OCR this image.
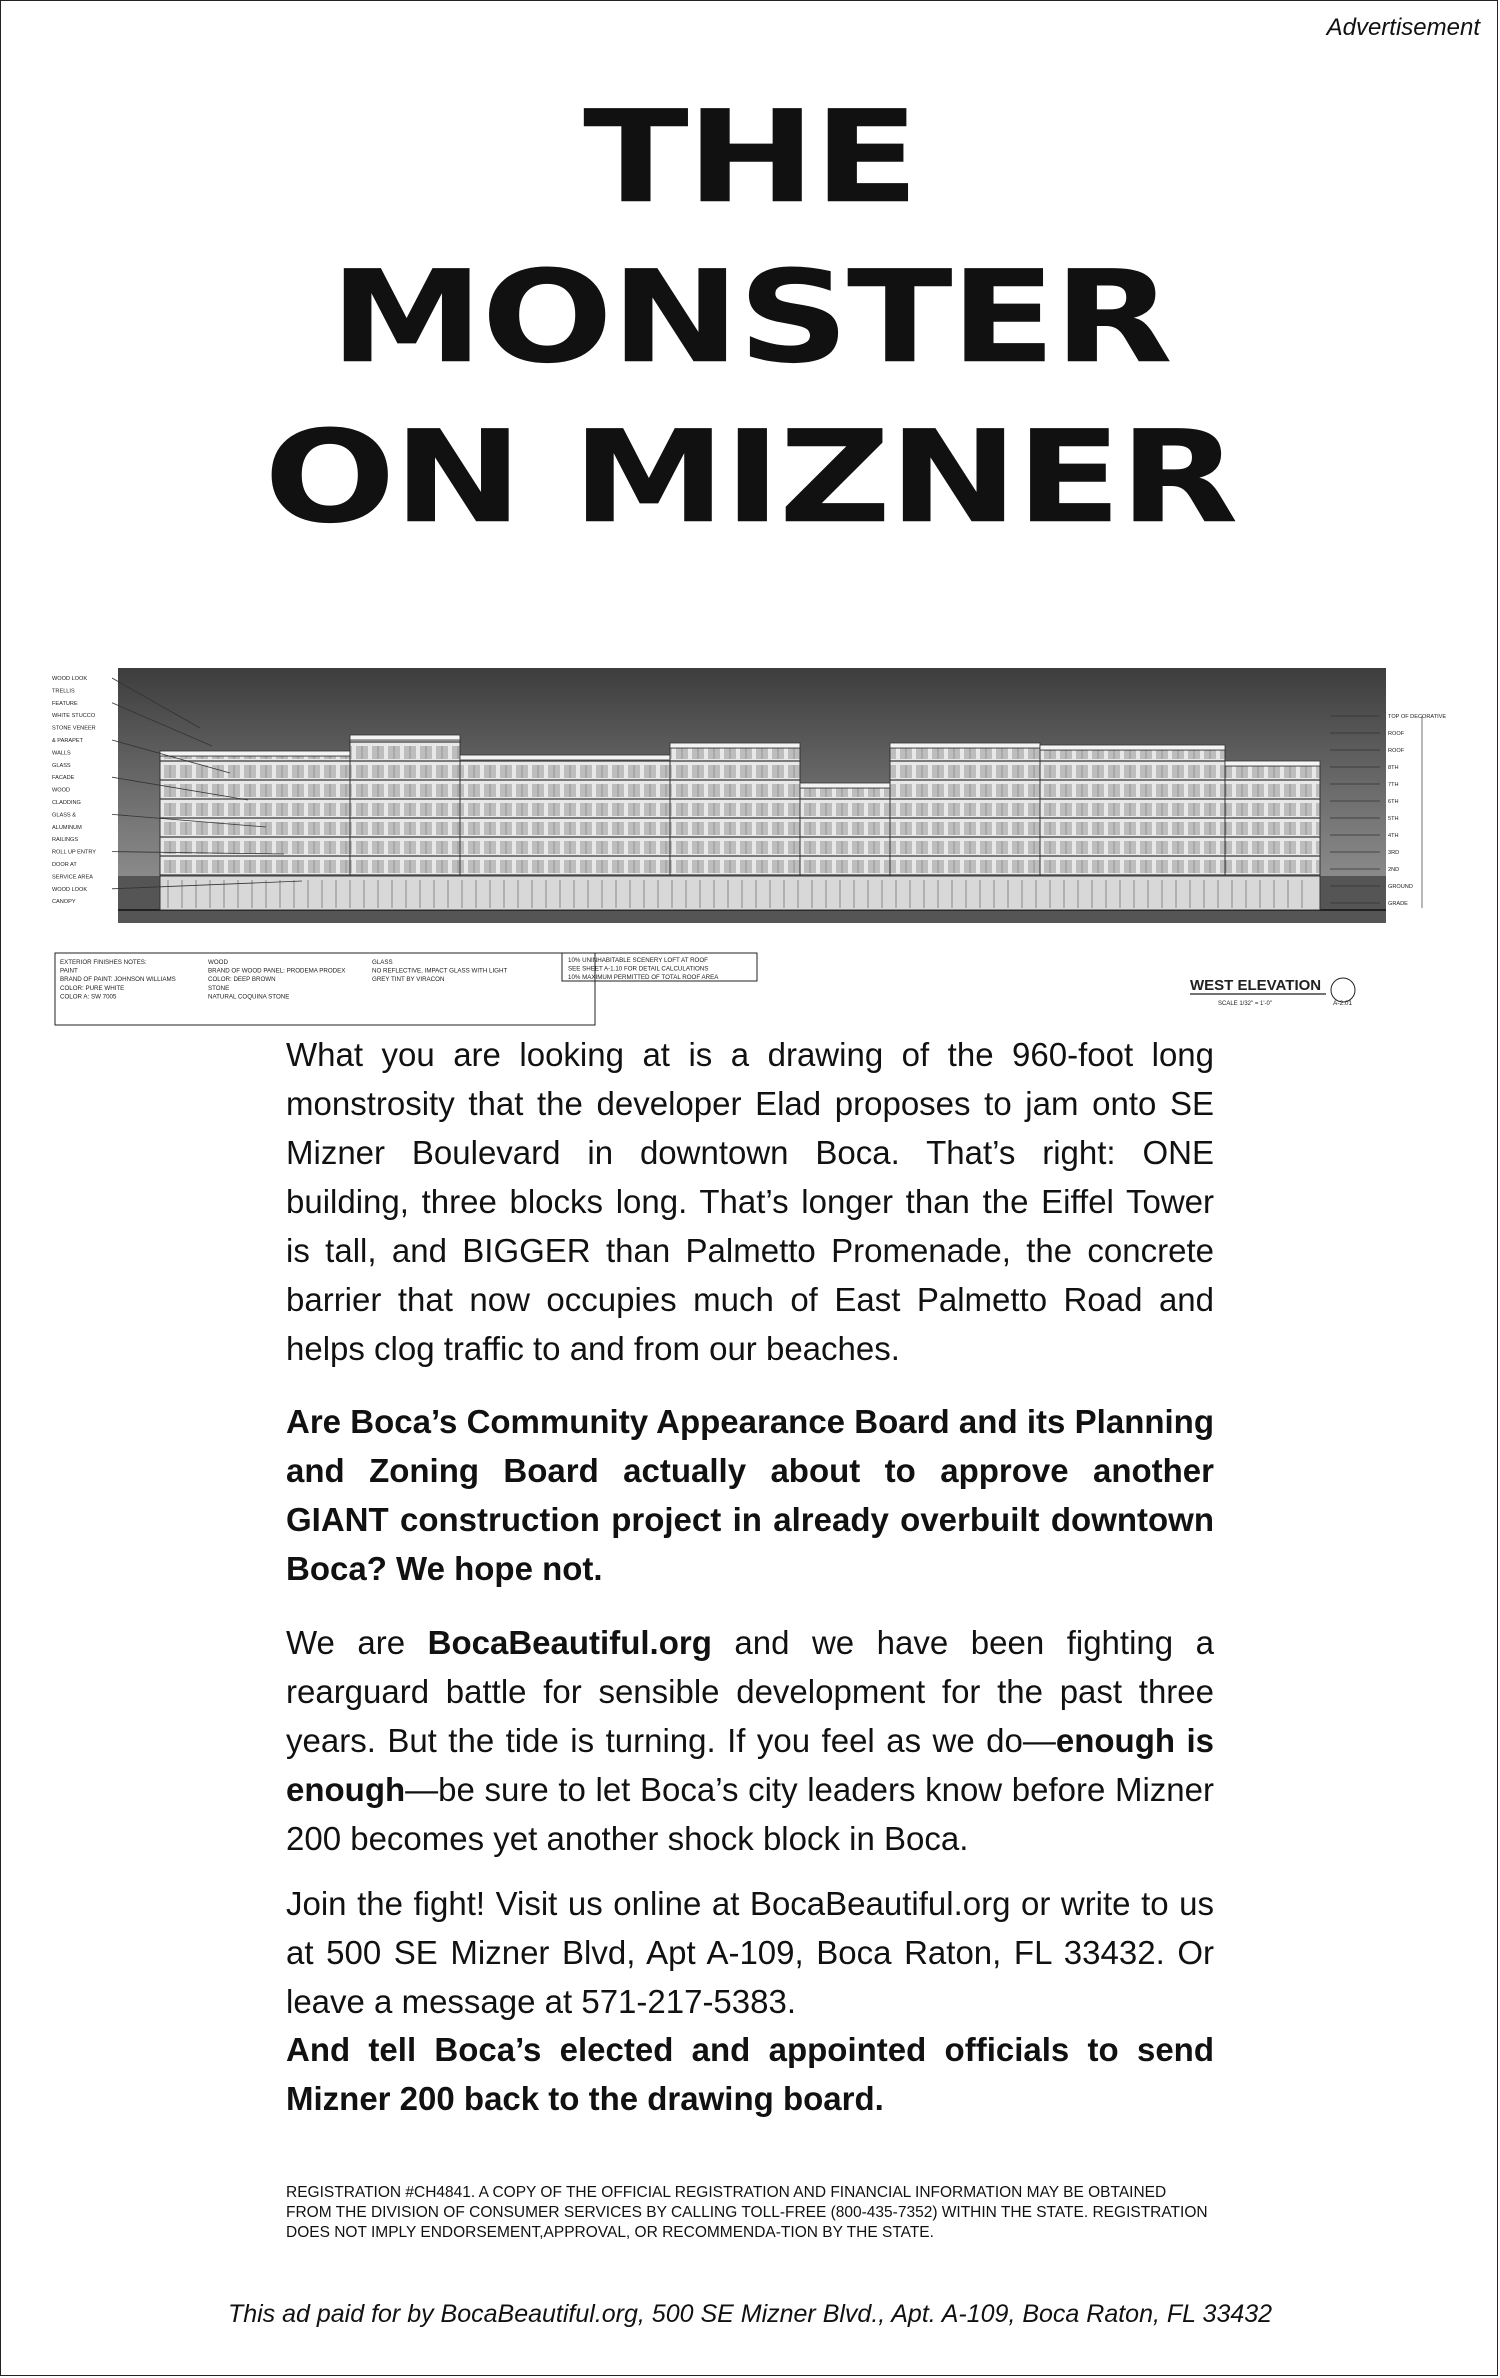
Advertisement
THE
MONSTER
ON MIZNER
WOOD LOOK
TRELLIS
FEATURE
WHITE STUCCO
STONE VENEER
& PARAPET
WALLS
GLASS
FACADE
WOOD
CLADDING
GLASS &
ALUMINUM
RAILINGS
ROLL UP ENTRY
DOOR AT
SERVICE AREA
WOOD LOOK
CANOPY
TOP OF DECORATIVE
ROOF
ROOF
8TH
7TH
6TH
5TH
4TH
3RD
2ND
GROUND
GRADE
EXTERIOR FINISHES NOTES:
PAINT
BRAND OF PAINT: JOHNSON WILLIAMS
COLOR: PURE WHITE
COLOR A: SW 7005
WOOD
BRAND OF WOOD PANEL: PRODEMA PRODEX
COLOR: DEEP BROWN
STONE
NATURAL COQUINA STONE
GLASS
NO REFLECTIVE, IMPACT GLASS WITH LIGHT
GREY TINT BY VIRACON
10% UNINHABITABLE SCENERY LOFT AT ROOF
SEE SHEET A-1.10 FOR DETAIL CALCULATIONS
10% MAXIMUM PERMITTED OF TOTAL ROOF AREA	WEST ELEVATION
SCALE 1/32" = 1'-0"	A-2.01
What you are looking at is a drawing of the 960-foot long monstrosity that the developer Elad proposes to jam onto SE Mizner Boulevard in downtown Boca. That’s right: ONE building, three blocks long. That’s longer than the Eiffel Tower is tall, and BIGGER than Palmetto Promenade, the concrete barrier that now occupies much of East Palmetto Road and helps clog traffic to and from our beaches.
Are Boca’s Community Appearance Board and its Planning and Zoning Board actually about to approve another GIANT construction project in already overbuilt downtown Boca? We hope not.
We are BocaBeautiful.org and we have been fighting a rearguard battle for sensible development for the past three years. But the tide is turning. If you feel as we do—enough is enough—be sure to let Boca’s city leaders know before Mizner 200 becomes yet another shock block in Boca.
Join the fight! Visit us online at BocaBeautiful.org or write to us at 500 SE Mizner Blvd, Apt A-109, Boca Raton, FL 33432. Or leave a message at 571-217-5383.
And tell Boca’s elected and appointed officials to send Mizner 200 back to the drawing board.
REGISTRATION #CH4841. A COPY OF THE OFFICIAL REGISTRATION AND FINANCIAL INFORMATION MAY BE OBTAINED FROM THE DIVISION OF CONSUMER SERVICES BY CALLING TOLL-FREE (800-435-7352) WITHIN THE STATE. REGISTRATION DOES NOT IMPLY ENDORSEMENT,APPROVAL, OR RECOMMENDA-TION BY THE STATE.
This ad paid for by BocaBeautiful.org, 500 SE Mizner Blvd., Apt. A-109, Boca Raton, FL 33432
